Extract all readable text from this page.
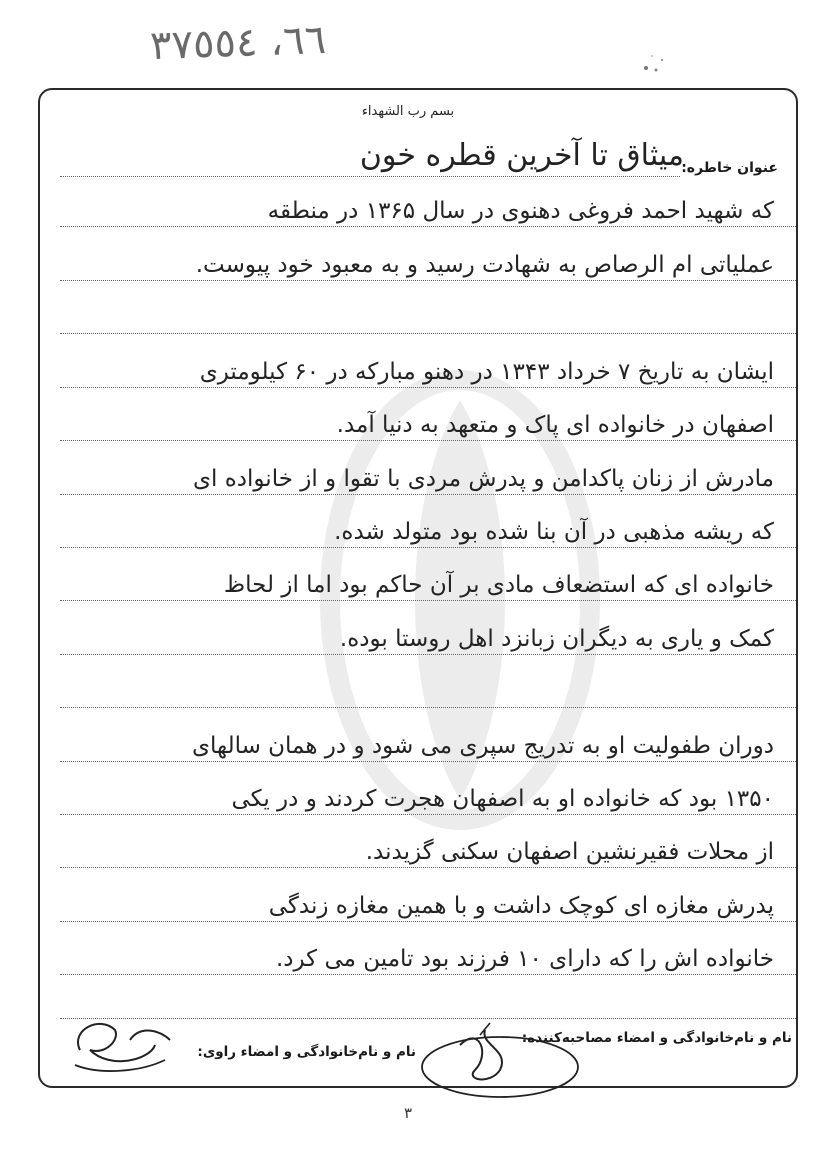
٦٦، ٣٧٥٥٤
بسم رب الشهداء
عنوان خاطره:
میثاق تا آخرین قطره خون
که شهید احمد فروغی دهنوی در سال ۱۳۶۵ در منطقه
عملیاتی ام الرصاص به شهادت رسید و به معبود خود پیوست.
ایشان به تاریخ ۷ خرداد ۱۳۴۳ در دهنو مبارکه در ۶۰ کیلومتری
اصفهان در خانواده ای پاک و متعهد به دنیا آمد.
مادرش از زنان پاکدامن و پدرش مردی با تقوا و از خانواده ای
که ریشه مذهبی در آن بنا شده بود متولد شده.
خانواده ای که استضعاف مادی بر آن حاکم بود اما از لحاظ
کمک و یاری به دیگران زبانزد اهل روستا بوده.
دوران طفولیت او به تدریج سپری می شود و در همان سالهای
۱۳۵۰ بود که خانواده او به اصفهان هجرت کردند و در یکی
از محلات فقیرنشین اصفهان سکنی گزیدند.
پدرش مغازه ای کوچک داشت و با همین مغازه زندگی
خانواده اش را که دارای ۱۰ فرزند بود تامین می کرد.
نام و نام‌خانوادگی و امضاء مصاحبه‌کننده:
نام و نام‌خانوادگی و امضاء راوی:
۳
